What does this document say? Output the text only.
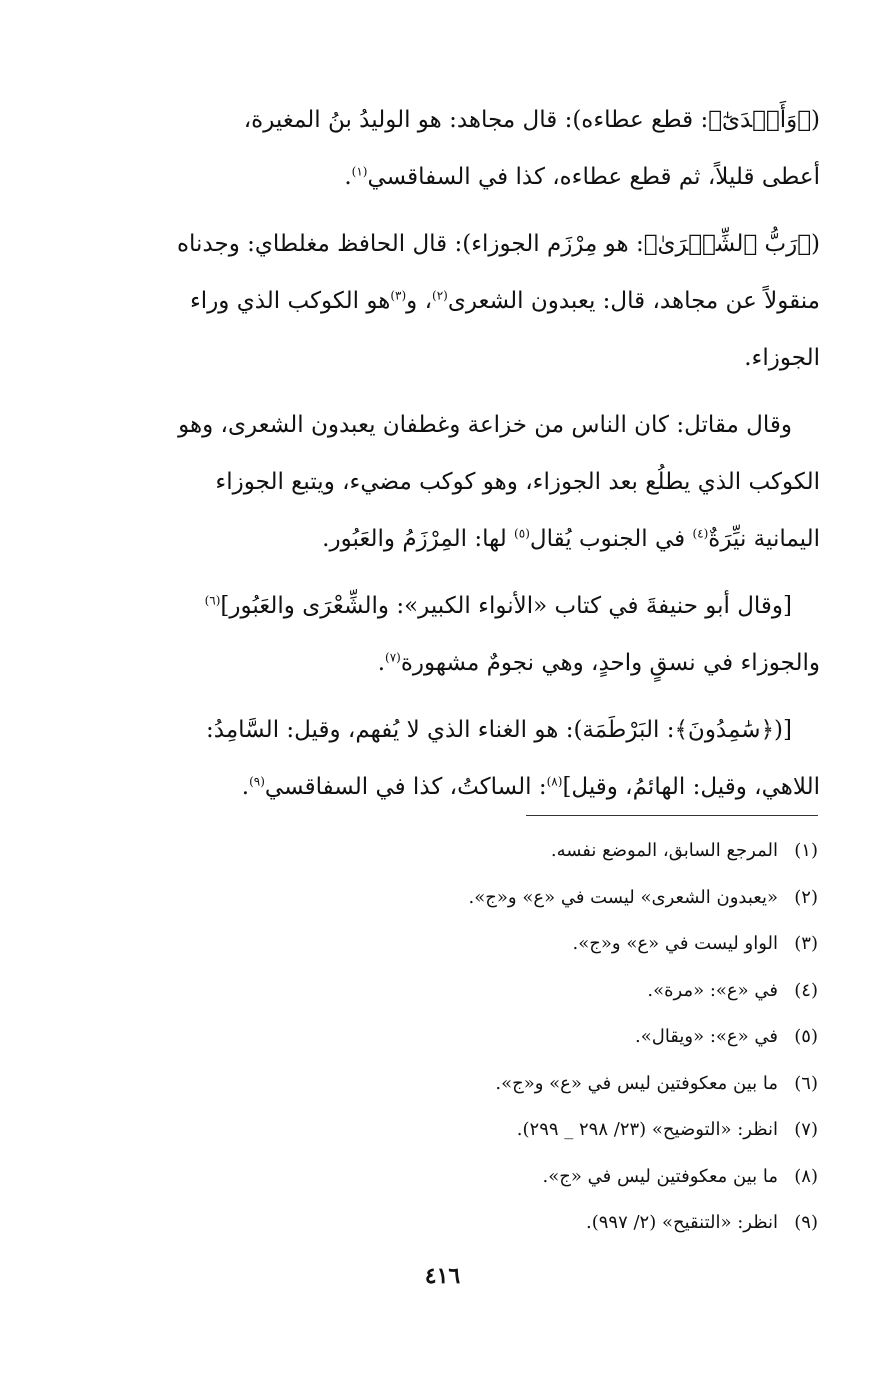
(﴿وَأَكۡدَىٰٓ﴾: قطع عطاءه): قال مجاهد: هو الوليدُ بنُ المغيرة،

أعطى قليلاً، ثم قطع عطاءه، كذا في السفاقسي$^{(١)}$.

(﴿رَبُّ ٱلشِّعۡرَىٰ﴾: هو مِرْزَم الجوزاء): قال الحافظ مغلطاي: وجدناه

منقولاً عن مجاهد، قال: يعبدون الشعرى$^{(٢)}$، و$^{(٣)}$هو الكوكب الذي وراء

الجوزاء.

وقال مقاتل: كان الناس من خزاعة وغطفان يعبدون الشعرى، وهو

الكوكب الذي يطلُع بعد الجوزاء، وهو كوكب مضيء، ويتبع الجوزاء

اليمانية نيِّرَةٌ$^{(٤)}$ في الجنوب يُقال$^{(٥)}$ لها: المِرْزَمُ والعَبُور.

[وقال أبو حنيفةَ في كتاب «الأنواء الكبير»: والشِّعْرَى والعَبُور]$^{(٦)}$

والجوزاء في نسقٍ واحدٍ، وهي نجومٌ مشهورة$^{(٧)}$.

[(﴿سَٰمِدُونَ﴾: البَرْطَمَة): هو الغناء الذي لا يُفهم، وقيل: السَّامِدُ:

اللاهي، وقيل: الهائمُ، وقيل]$^{(٨)}$: الساكتُ، كذا في السفاقسي$^{(٩)}$.

(١)المرجع السابق، الموضع نفسه.
(٢)«يعبدون الشعرى» ليست في «ع» و«ج».
(٣)الواو ليست في «ع» و«ج».
(٤)في «ع»: «مرة».
(٥)في «ع»: «ويقال».
(٦)ما بين معكوفتين ليس في «ع» و«ج».
(٧)انظر: «التوضيح» (٢٣/ ٢٩٨ _ ٢٩٩).
(٨)ما بين معكوفتين ليس في «ج».
(٩)انظر: «التنقيح» (٢/ ٩٩٧).
٤١٦
